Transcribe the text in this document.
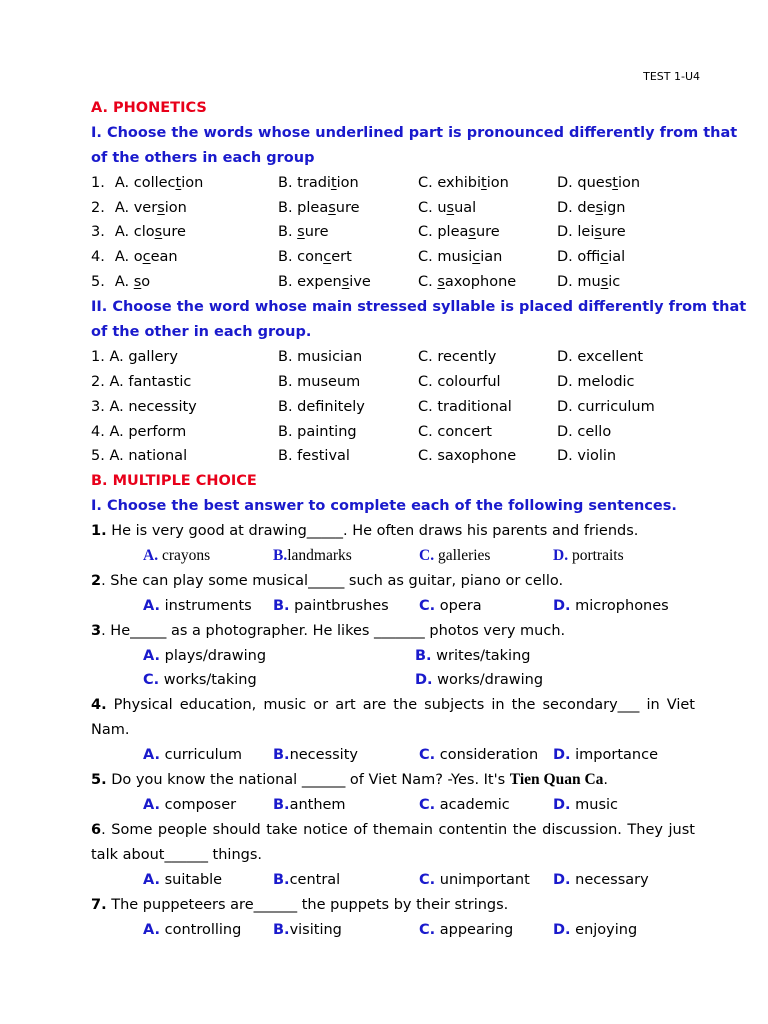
TEST 1-U4
A. PHONETICS
I. Choose the words whose underlined part is pronounced differently from that
of the others in each group
1. A. collection	B. tradition	C. exhibition	D. question
2. A. version	B. pleasure	C. usual	D. design
3. A. closure	B. sure	C. pleasure	D. leisure
4. A. ocean	B. concert	C. musician	D. official
5. A. so	B. expensive	C. saxophone	D. music
II. Choose the word whose main stressed syllable is placed differently from that
of the other in each group.
1. A. gallery	B. musician	C. recently	D. excellent
2. A. fantastic	B. museum	C. colourful	D. melodic
3. A. necessity	B. definitely	C. traditional	D. curriculum
4. A. perform	B. painting	C. concert	D. cello
5. A. national	B. festival	C. saxophone	D. violin
B. MULTIPLE CHOICE
I. Choose the best answer to complete each of the following sentences.
1. He is very good at drawing_____. He often draws his parents and friends.
A. crayons	B.landmarks	C. galleries	D. portraits
2. She can play some musical_____ such as guitar, piano or cello.
A. instruments B. paintbrushes C. opera	D. microphones
3. He_____ as a photographer. He likes _______ photos very much.
A. plays/drawing	B. writes/taking
C. works/taking	D. works/drawing
4. Physical education, music or art are the subjects in the secondary___ in Viet Nam.
A. curriculum B.necessity	C. consideration D. importance
5. Do you know the national ______ of Viet Nam? -Yes. It's Tien Quan Ca.
A. composer	B.anthem	C. academic	D. music
6. Some people should take notice of themain contentin the discussion. They just talk about______ things.
A. suitable	B.central	C. unimportant D. necessary
7. The puppeteers are______ the puppets by their strings.
A. controlling B.visiting	C. appearing	D. enjoying
